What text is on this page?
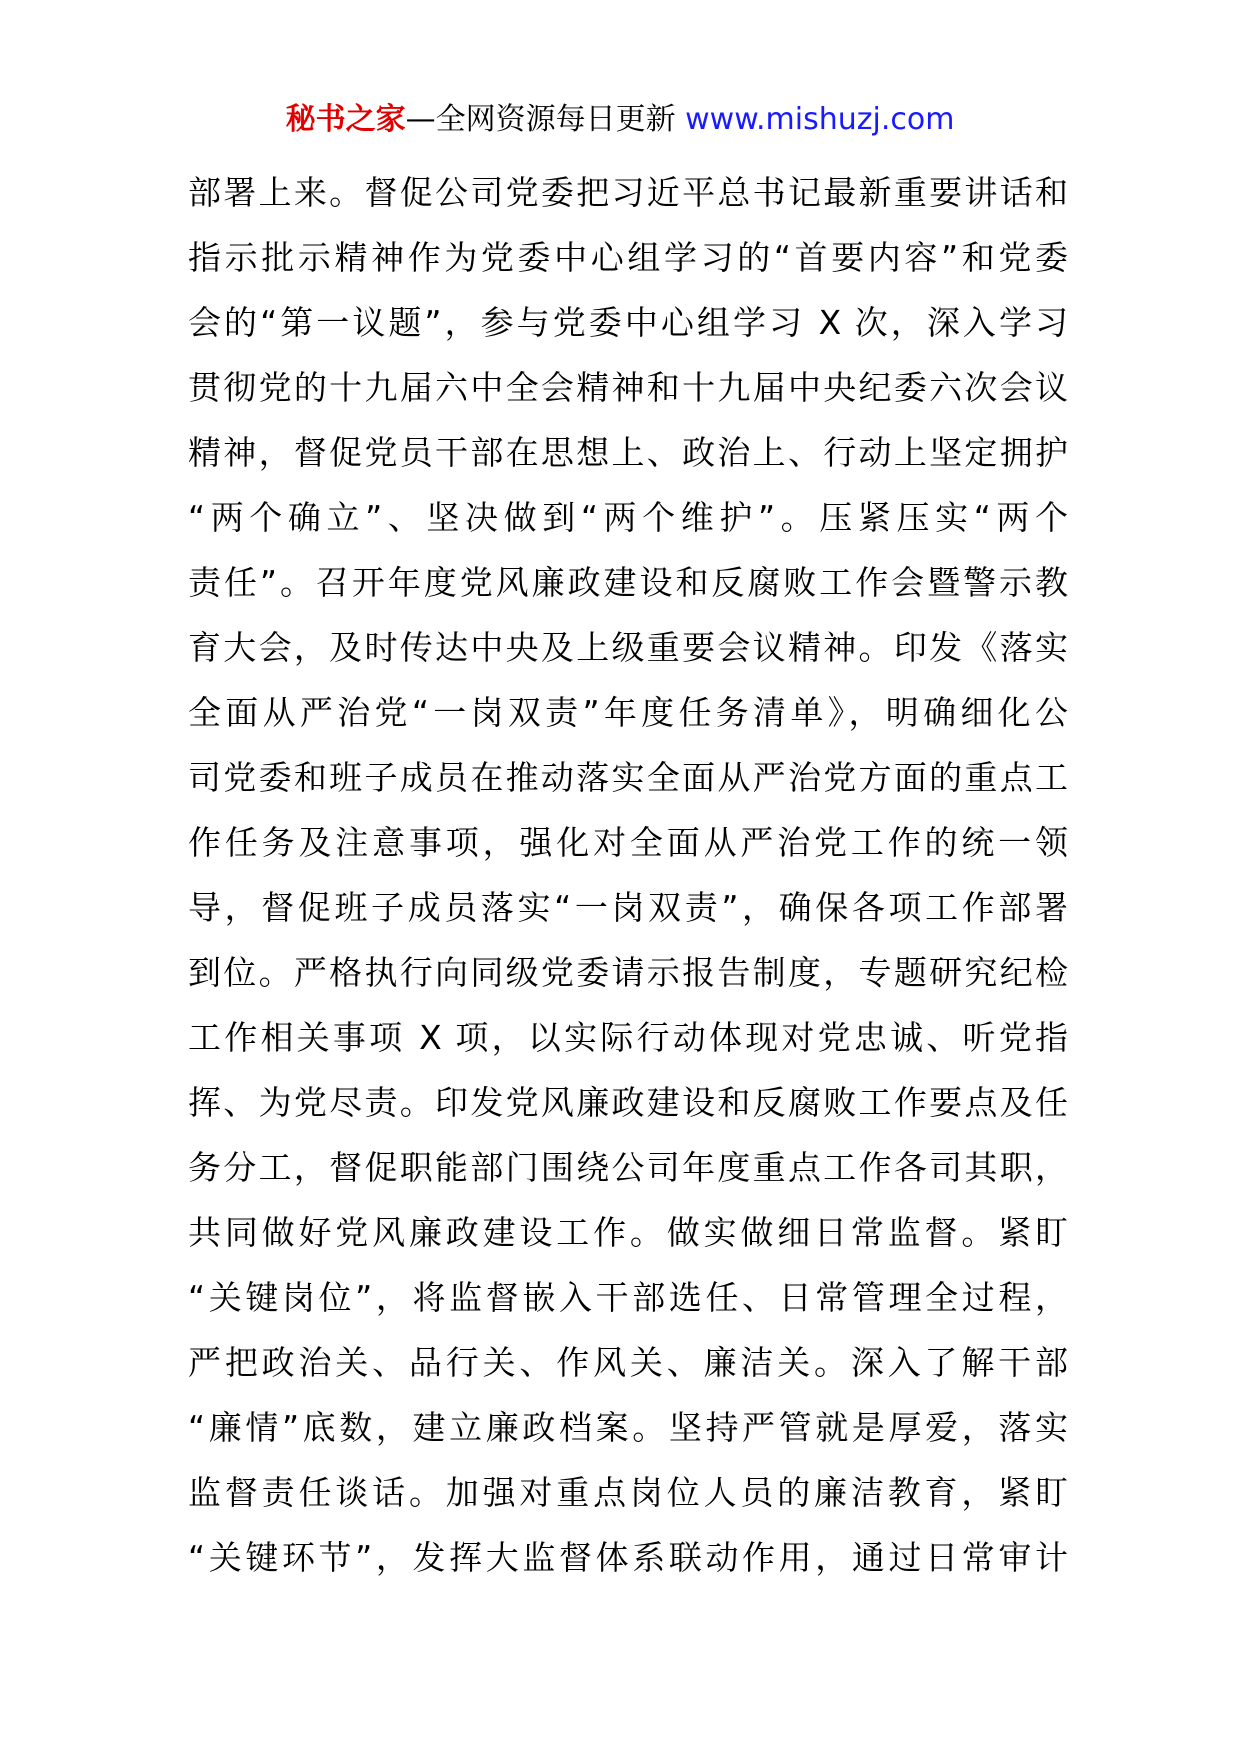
秘书之家—全网资源每日更新 www.mishuzj.com
部署上来。督促公司党委把习近平总书记最新重要讲话和
指示批示精神作为党委中心组学习的“首要内容”和党委
会的“第一议题”，参与党委中心组学习 X 次，深入学习
贯彻党的十九届六中全会精神和十九届中央纪委六次会议
精神，督促党员干部在思想上、政治上、行动上坚定拥护
“两个确立”、坚决做到“两个维护”。压紧压实“两个
责任”。召开年度党风廉政建设和反腐败工作会暨警示教
育大会，及时传达中央及上级重要会议精神。印发《落实
全面从严治党“一岗双责”年度任务清单》，明确细化公
司党委和班子成员在推动落实全面从严治党方面的重点工
作任务及注意事项，强化对全面从严治党工作的统一领
导，督促班子成员落实“一岗双责”，确保各项工作部署
到位。严格执行向同级党委请示报告制度，专题研究纪检
工作相关事项 X 项，以实际行动体现对党忠诚、听党指
挥、为党尽责。印发党风廉政建设和反腐败工作要点及任
务分工，督促职能部门围绕公司年度重点工作各司其职，
共同做好党风廉政建设工作。做实做细日常监督。紧盯
“关键岗位”，将监督嵌入干部选任、日常管理全过程，
严把政治关、品行关、作风关、廉洁关。深入了解干部
“廉情”底数，建立廉政档案。坚持严管就是厚爱，落实
监督责任谈话。加强对重点岗位人员的廉洁教育，紧盯
“关键环节”，发挥大监督体系联动作用，通过日常审计
